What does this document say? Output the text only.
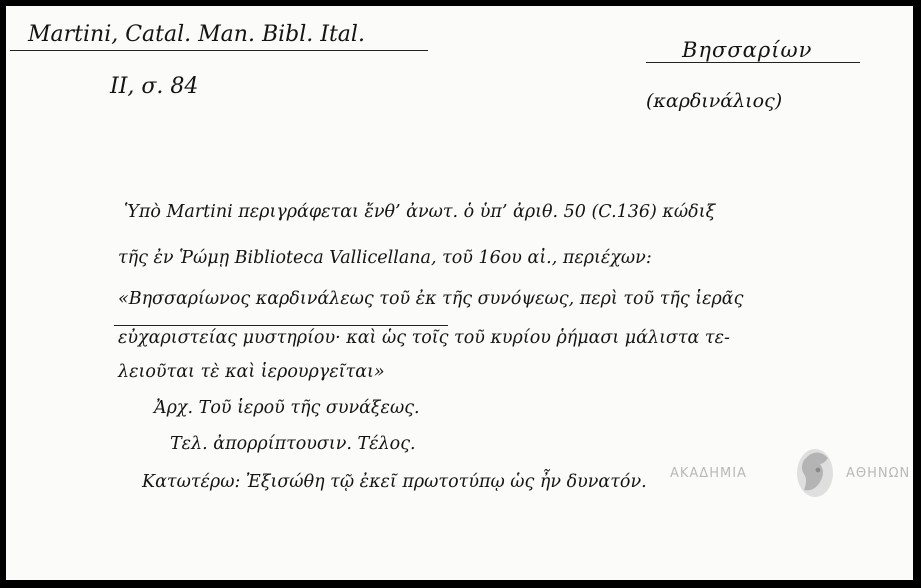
Martini, Catal. Man. Bibl. Ital.
II, σ. 84
Βησσαρίων
(καρδινάλιος)
Ὑπὸ Martini περιγράφεται ἔνθ’ ἀνωτ. ὁ ὑπ’ ἀριθ. 50 (C.136) κώδιξ
τῆς ἐν Ῥώμῃ Biblioteca Vallicellana, τοῦ 16ου αἰ., περιέχων:
«Βησσαρίωνος καρδινάλεως τοῦ ἐκ τῆς συνόψεως, περὶ τοῦ τῆς ἱερᾶς
εὐχαριστείας μυστηρίου· καὶ ὡς τοῖς τοῦ κυρίου ῥήμασι μάλιστα τε-
λειοῦται τὲ καὶ ἱερουργεῖται»
Ἀρχ. Τοῦ ἱεροῦ τῆς συνάξεως.
Τελ. ἀπορρίπτουσιν. Τέλος.
Κατωτέρω: Ἐξισώθη τῷ ἐκεῖ πρωτοτύπῳ ὡς ἦν δυνατόν. ΑΚΑΔΗΜΙΑ	ΑΘΗΝΩΝ
